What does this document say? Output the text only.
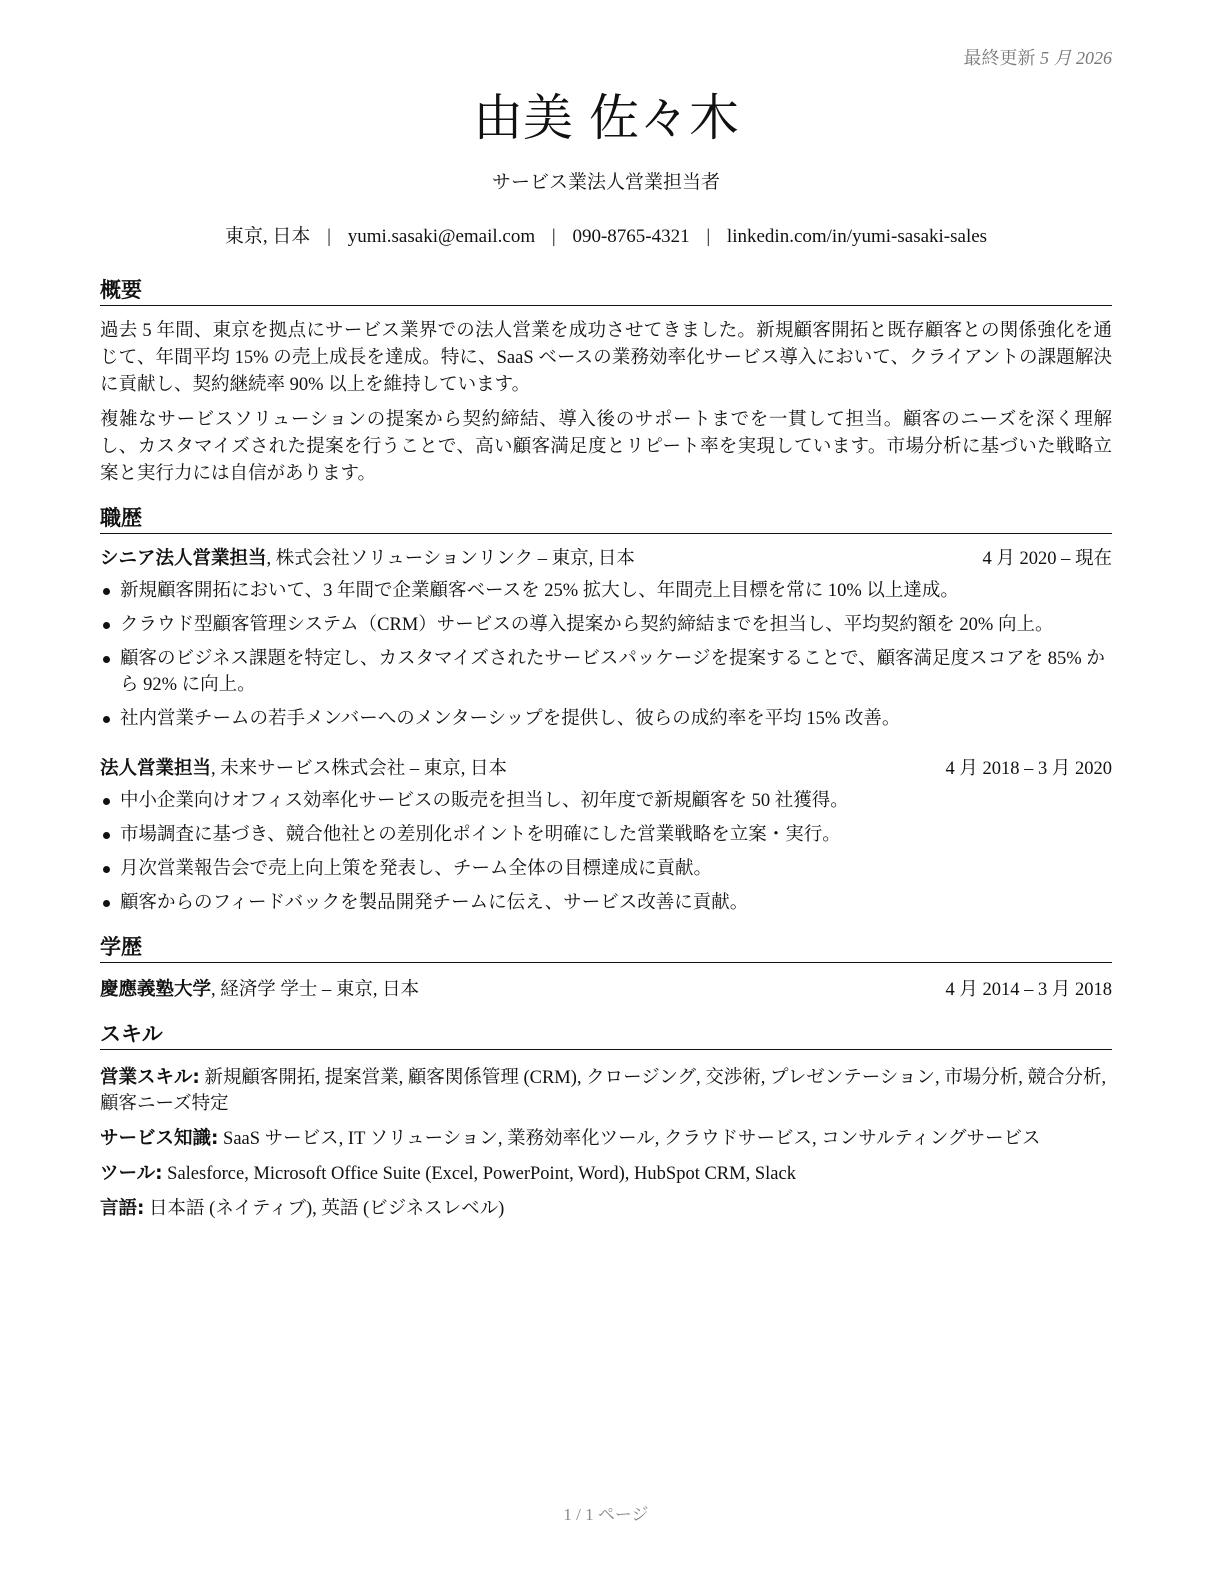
最終更新 5 月 2026
由美 佐々木
サービス業法人営業担当者
東京, 日本 | yumi.sasaki@email.com | 090-8765-4321 | linkedin.com/in/yumi-sasaki-sales
概要

過去 5 年間、東京を拠点にサービス業界での法人営業を成功させてきました。新規顧客開拓と既存顧客との関係強化を通じて、年間平均 15% の売上成長を達成。特に、SaaS ベースの業務効率化サービス導入において、クライアントの課題解決に貢献し、契約継続率 90% 以上を維持しています。

複雑なサービスソリューションの提案から契約締結、導入後のサポートまでを一貫して担当。顧客のニーズを深く理解し、カスタマイズされた提案を行うことで、高い顧客満足度とリピート率を実現しています。市場分析に基づいた戦略立案と実行力には自信があります。

職歴
シニア法人営業担当, 株式会社ソリューションリンク – 東京, 日本	4 月 2020 – 現在
新規顧客開拓において、3 年間で企業顧客ベースを 25% 拡大し、年間売上目標を常に 10% 以上達成。
クラウド型顧客管理システム（CRM）サービスの導入提案から契約締結までを担当し、平均契約額を 20% 向上。
顧客のビジネス課題を特定し、カスタマイズされたサービスパッケージを提案することで、顧客満足度スコアを 85% から 92% に向上。
社内営業チームの若手メンバーへのメンターシップを提供し、彼らの成約率を平均 15% 改善。
法人営業担当, 未来サービス株式会社 – 東京, 日本	4 月 2018 – 3 月 2020
中小企業向けオフィス効率化サービスの販売を担当し、初年度で新規顧客を 50 社獲得。
市場調査に基づき、競合他社との差別化ポイントを明確にした営業戦略を立案・実行。
月次営業報告会で売上向上策を発表し、チーム全体の目標達成に貢献。
顧客からのフィードバックを製品開発チームに伝え、サービス改善に貢献。
学歴
慶應義塾大学, 経済学 学士 – 東京, 日本	4 月 2014 – 3 月 2018
スキル
営業スキル: 新規顧客開拓, 提案営業, 顧客関係管理 (CRM), クロージング, 交渉術, プレゼンテーション, 市場分析, 競合分析, 顧客ニーズ特定
サービス知識: SaaS サービス, IT ソリューション, 業務効率化ツール, クラウドサービス, コンサルティングサービス
ツール: Salesforce, Microsoft Office Suite (Excel, PowerPoint, Word), HubSpot CRM, Slack
言語: 日本語 (ネイティブ), 英語 (ビジネスレベル)
1 / 1 ページ
